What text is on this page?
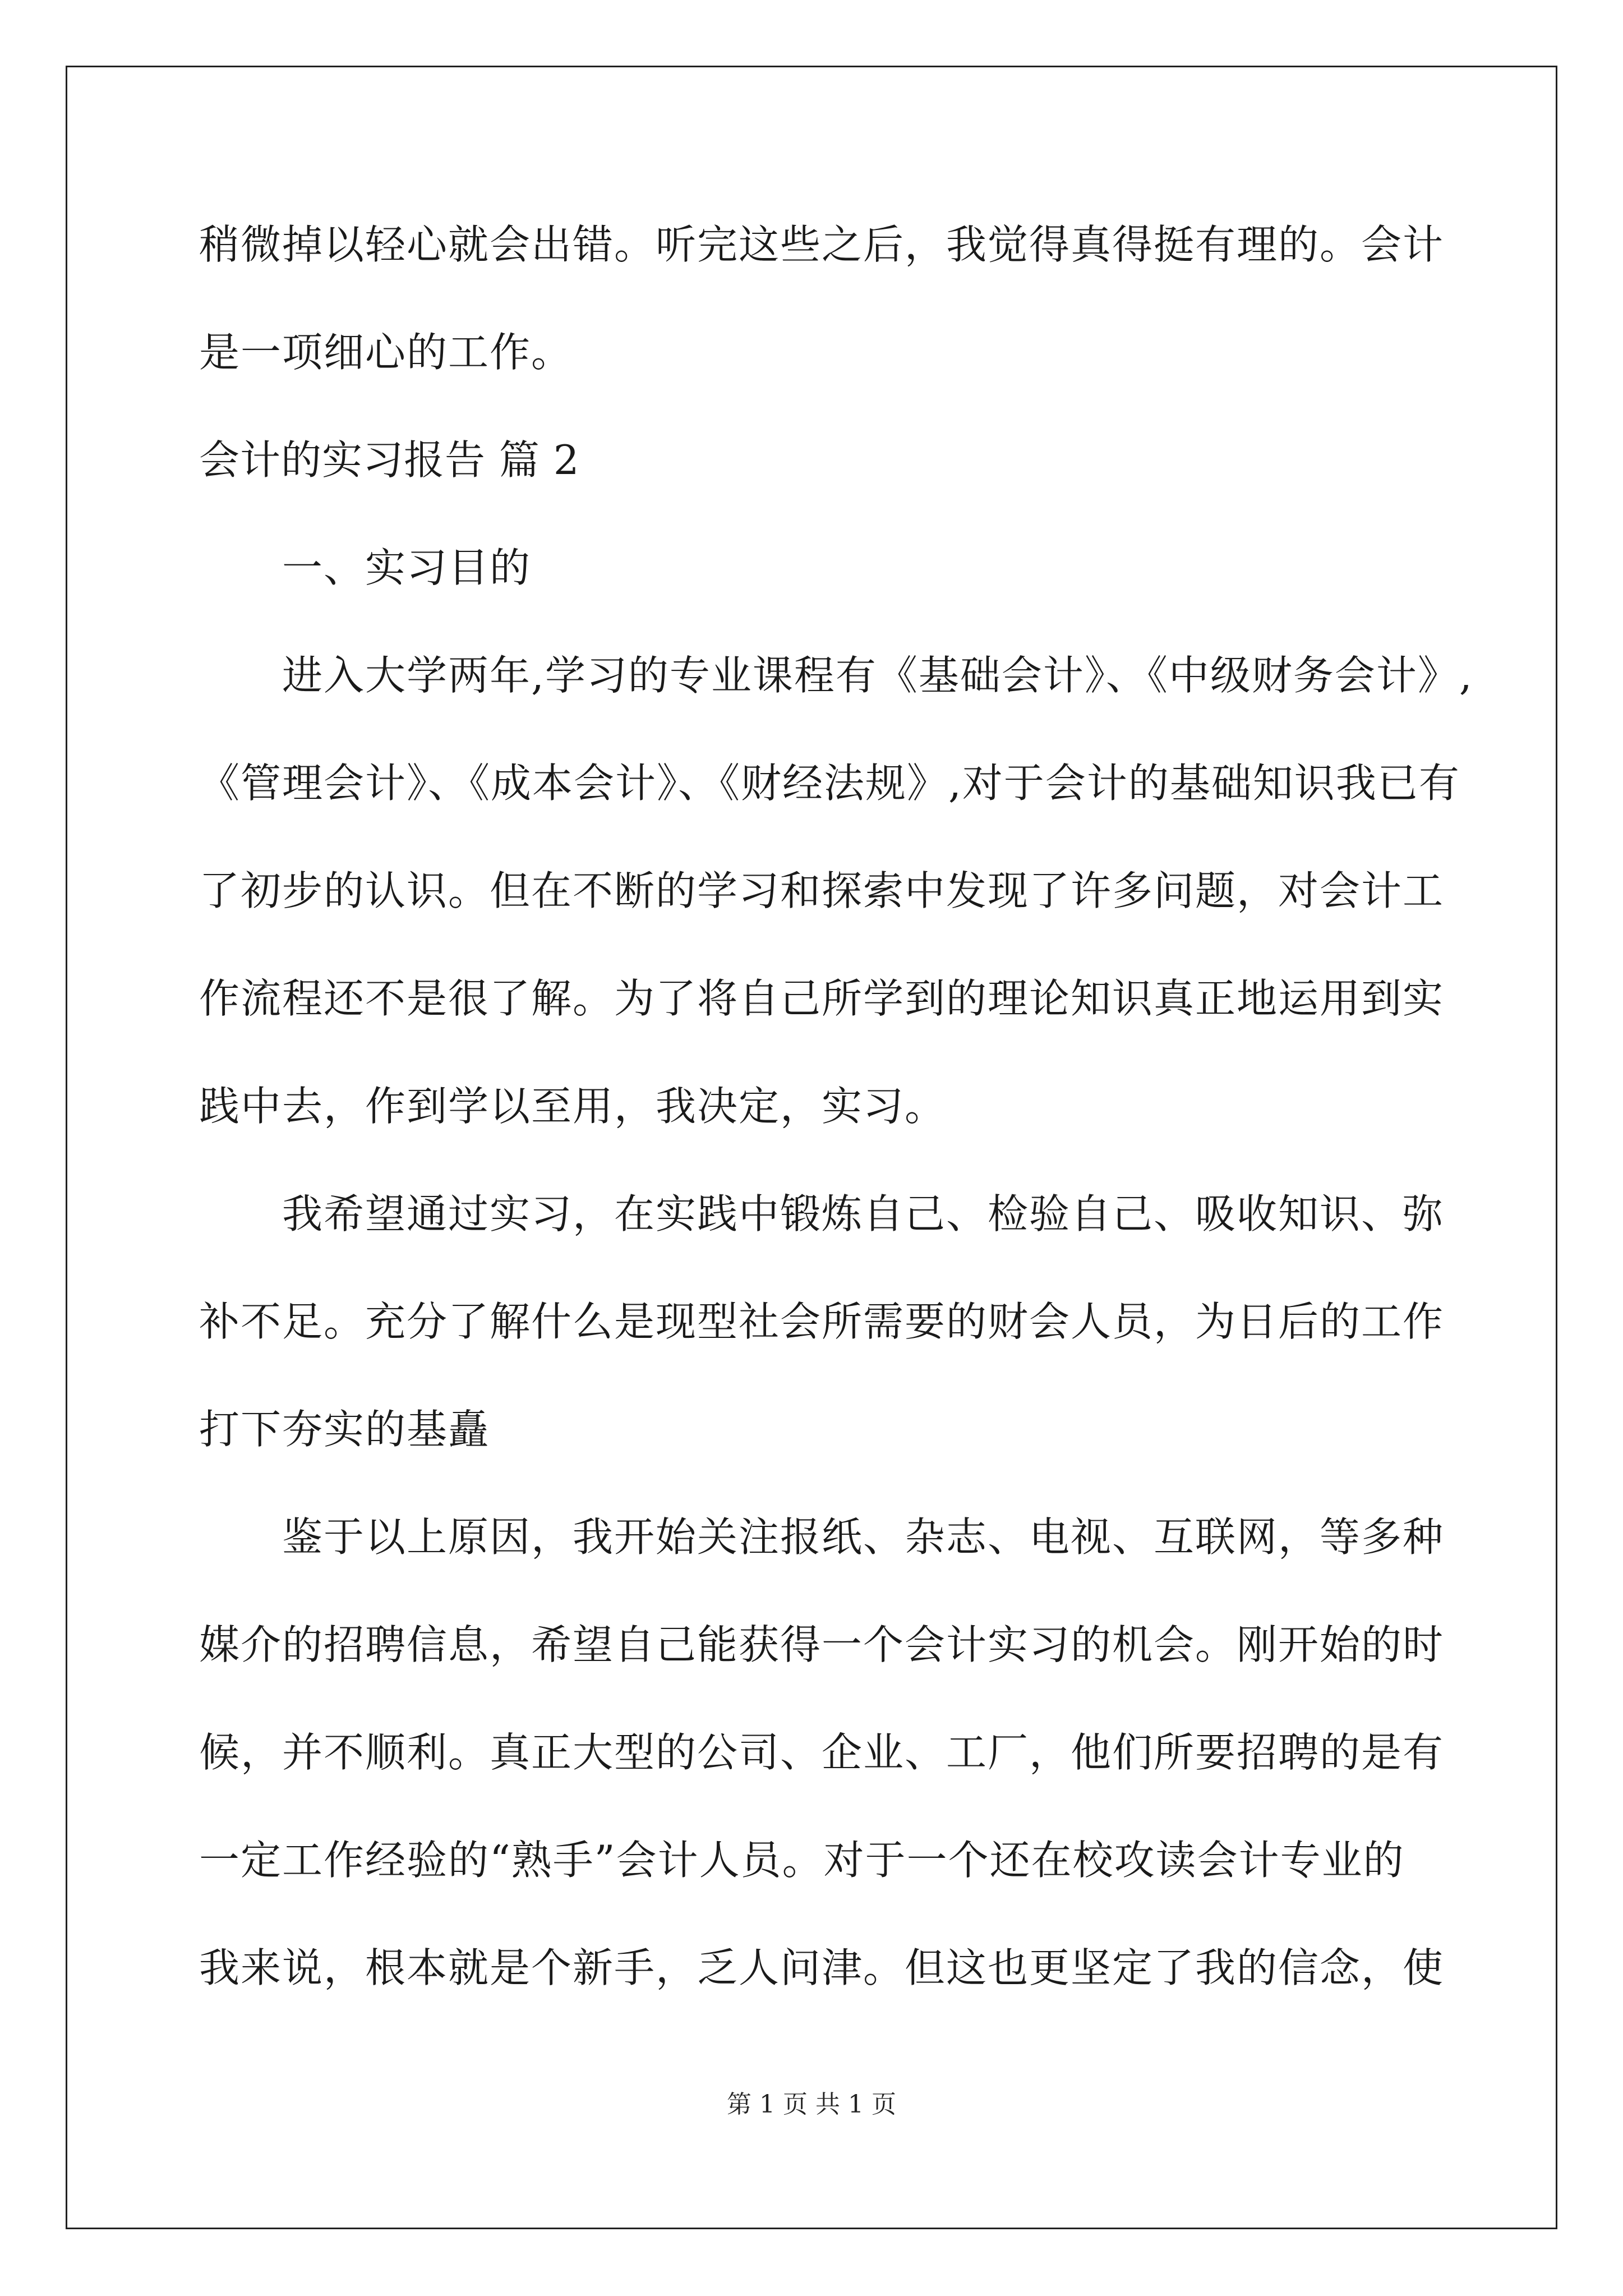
稍微掉以轻心就会出错。听完这些之后，我觉得真得挺有理的。会计
是一项细心的工作。
会计的实习报告 篇 2
一、实习目的
进入大学两年,学习的专业课程有《基础会计》、《中级财务会计》,
《管理会计》、《成本会计》、《财经法规》,对于会计的基础知识我已有
了初步的认识。但在不断的学习和探索中发现了许多问题，对会计工
作流程还不是很了解。为了将自己所学到的理论知识真正地运用到实
践中去，作到学以至用，我决定，实习。
我希望通过实习，在实践中锻炼自己、检验自己、吸收知识、弥
补不足。充分了解什么是现型社会所需要的财会人员，为日后的工作
打下夯实的基矗
鉴于以上原因，我开始关注报纸、杂志、电视、互联网，等多种
媒介的招聘信息，希望自己能获得一个会计实习的机会。刚开始的时
候，并不顺利。真正大型的公司、企业、工厂，他们所要招聘的是有
一定工作经验的“熟手”会计人员。对于一个还在校攻读会计专业的
我来说，根本就是个新手，乏人问津。但这也更坚定了我的信念，使
第 1 页 共 1 页
